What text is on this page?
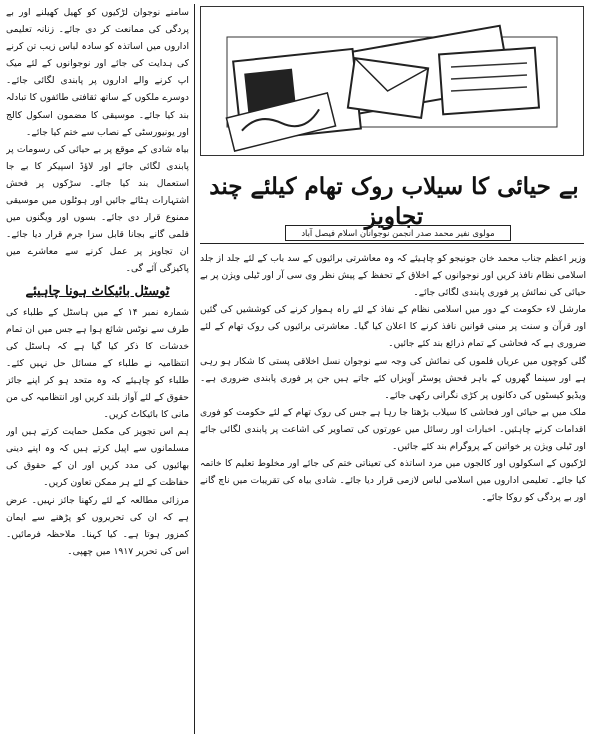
سامنے نوجوان لڑکیوں کو کھیل کھیلنے اور بے پردگی کی ممانعت کر دی جائے۔ زنانہ تعلیمی اداروں میں اساتذہ کو سادہ لباس زیب تن کرنے کی ہدایت کی جائے اور نوجوانوں کے لئے میک اپ کرنے والے اداروں پر پابندی لگائی جائے۔ دوسرے ملکوں کے ساتھ ثقافتی طائفوں کا تبادلہ بند کیا جائے۔ موسیقی کا مضمون اسکول کالج اور یونیورسٹی کے نصاب سے ختم کیا جائے۔

بیاہ شادی کے موقع پر بے حیائی کی رسومات پر پابندی لگائی جائے اور لاؤڈ اسپیکر کا بے جا استعمال بند کیا جائے۔ سڑکوں پر فحش اشتہارات ہٹائے جائیں اور ہوٹلوں میں موسیقی ممنوع قرار دی جائے۔ بسوں اور ویگنوں میں فلمی گانے بجانا قابل سزا جرم قرار دیا جائے۔ ان تجاویز پر عمل کرنے سے معاشرے میں پاکیزگی آئے گی۔

ٹوسٹل بائیکاٹ ہونا چاہیئے

شمارہ نمبر ۱۴ کے میں ہاسٹل کے طلباء کی طرف سے نوٹس شائع ہوا ہے جس میں ان تمام خدشات کا ذکر کیا گیا ہے کہ ہاسٹل کی انتظامیہ نے طلباء کے مسائل حل نہیں کئے۔ طلباء کو چاہیئے کہ وہ متحد ہو کر اپنے جائز حقوق کے لئے آواز بلند کریں اور انتظامیہ کی من مانی کا بائیکاٹ کریں۔

ہم اس تجویز کی مکمل حمایت کرتے ہیں اور مسلمانوں سے اپیل کرتے ہیں کہ وہ اپنے دینی بھائیوں کی مدد کریں اور ان کے حقوق کی حفاظت کے لئے ہر ممکن تعاون کریں۔

مرزائی مطالعہ کے لئے رکھنا جائز نہیں۔ عرض ہے کہ ان کی تحریروں کو پڑھنے سے ایمان کمزور ہوتا ہے۔ کیا کہنا۔ ملاحظہ فرمائیں۔ اس کی تحریر ۱۹۱۷ میں چھپی۔

بے حیائی کا سیلاب روک تھام کیلئے چند تجاویز
مولوی نفیر محمد صدر انجمن نوجوانان اسلام فیصل آباد

وزیر اعظم جناب محمد خان جونیجو کو چاہیئے کہ وہ معاشرتی برائیوں کے سد باب کے لئے جلد از جلد اسلامی نظام نافذ کریں اور نوجوانوں کے اخلاق کے تحفظ کے پیش نظر وی سی آر اور ٹیلی ویژن پر بے حیائی کی نمائش پر فوری پابندی لگائی جائے۔

مارشل لاء حکومت کے دور میں اسلامی نظام کے نفاذ کے لئے راہ ہموار کرنے کی کوششیں کی گئیں اور قرآن و سنت پر مبنی قوانین نافذ کرنے کا اعلان کیا گیا۔ معاشرتی برائیوں کی روک تھام کے لئے ضروری ہے کہ فحاشی کے تمام ذرائع بند کئے جائیں۔

گلی کوچوں میں عریاں فلموں کی نمائش کی وجہ سے نوجوان نسل اخلاقی پستی کا شکار ہو رہی ہے اور سینما گھروں کے باہر فحش پوسٹر آویزاں کئے جاتے ہیں جن پر فوری پابندی ضروری ہے۔ ویڈیو کیسٹوں کی دکانوں پر کڑی نگرانی رکھی جائے۔

ملک میں بے حیائی اور فحاشی کا سیلاب بڑھتا جا رہا ہے جس کی روک تھام کے لئے حکومت کو فوری اقدامات کرنے چاہئیں۔ اخبارات اور رسائل میں عورتوں کی تصاویر کی اشاعت پر پابندی لگائی جائے اور ٹیلی ویژن پر خواتین کے پروگرام بند کئے جائیں۔

لڑکیوں کے اسکولوں اور کالجوں میں مرد اساتذہ کی تعیناتی ختم کی جائے اور مخلوط تعلیم کا خاتمہ کیا جائے۔ تعلیمی اداروں میں اسلامی لباس لازمی قرار دیا جائے۔ شادی بیاہ کی تقریبات میں ناچ گانے اور بے پردگی کو روکا جائے۔
